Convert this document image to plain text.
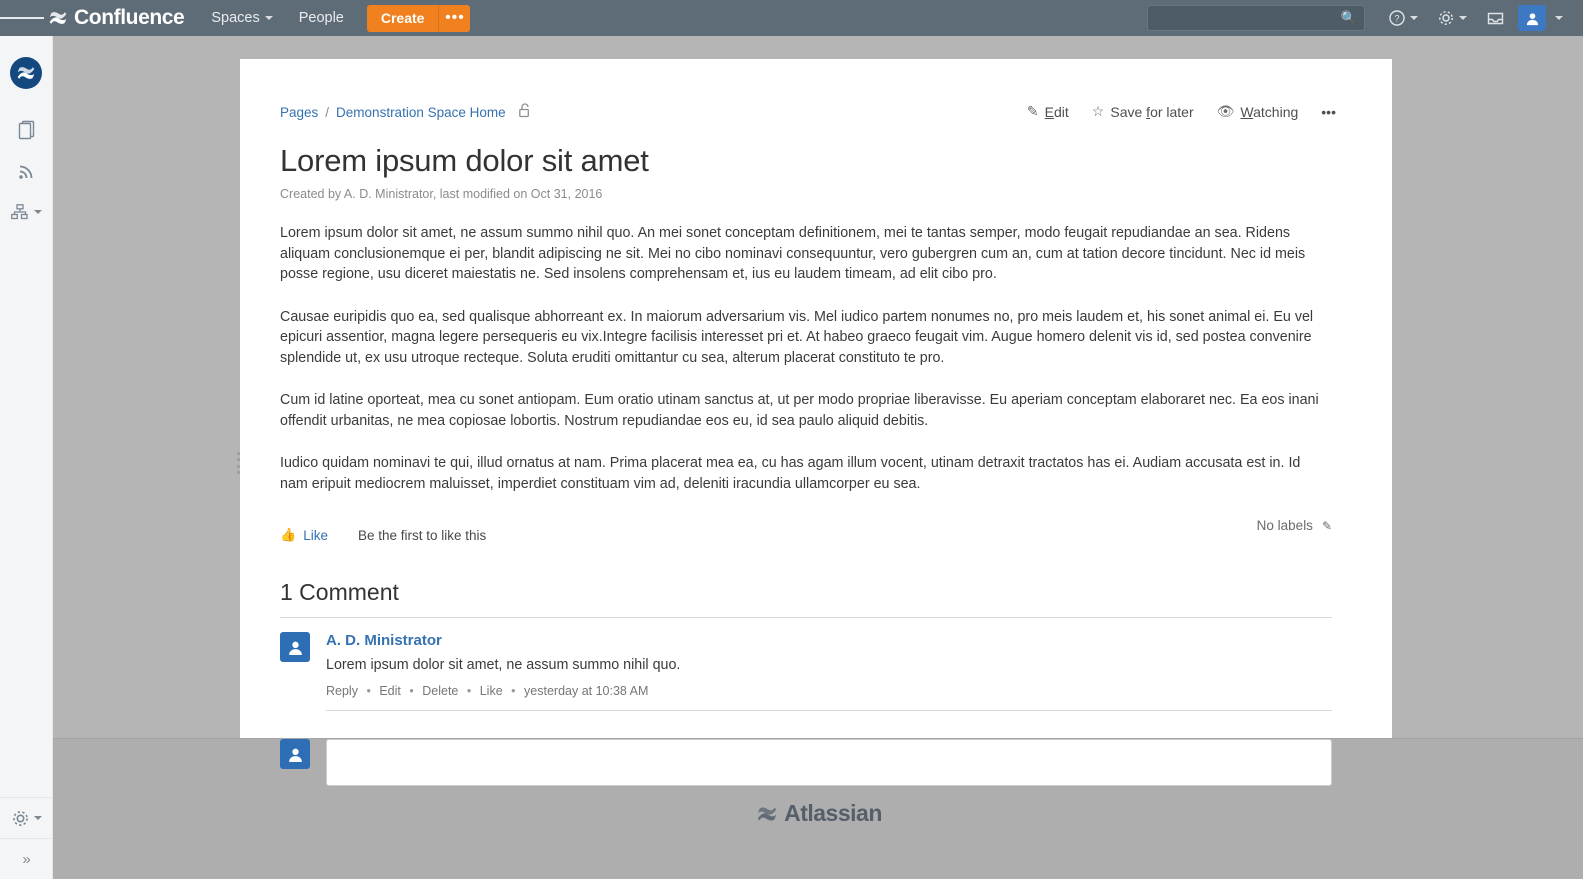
Confluence Spaces	People	Create	•••	🔍	?
»
Pages / Demonstration Space Home	✎ Edit ☆ Save for later 👁 Watching •••
Lorem ipsum dolor sit amet
Created by A. D. Ministrator, last modified on Oct 31, 2016

Lorem ipsum dolor sit amet, ne assum summo nihil quo. An mei sonet conceptam definitionem, mei te tantas semper, modo feugait repudiandae an sea. Ridens aliquam conclusionemque ei per, blandit adipiscing ne sit. Mei no cibo nominavi consequuntur, vero gubergren cum an, cum at tation decore tincidunt. Nec id meis posse regione, usu diceret maiestatis ne. Sed insolens comprehensam et, ius eu laudem timeam, ad elit cibo pro.

Causae euripidis quo ea, sed qualisque abhorreant ex. In maiorum adversarium vis. Mel iudico partem nonumes no, pro meis laudem et, his sonet animal ei. Eu vel epicuri assentior, magna legere persequeris eu vix.Integre facilisis interesset pri et. At habeo graeco feugait vim. Augue homero delenit vis id, sed postea convenire splendide ut, ex usu utroque recteque. Soluta eruditi omittantur cu sea, alterum placerat constituto te pro.

Cum id latine oporteat, mea cu sonet antiopam. Eum oratio utinam sanctus at, ut per modo propriae liberavisse. Eu aperiam conceptam elaboraret nec. Ea eos inani offendit urbanitas, ne mea copiosae lobortis. Nostrum repudiandae eos eu, id sea paulo aliquid debitis.

Iudico quidam nominavi te qui, illud ornatus at nam. Prima placerat mea ea, cu has agam illum vocent, utinam detraxit tractatos has ei. Audiam accusata est in. Id nam eripuit mediocrem maluisset, imperdiet constituam vim ad, deleniti iracundia ullamcorper eu sea.

👍 Like Be the first to like this
No labels ✎
1 Comment
A. D. Ministrator
Lorem ipsum dolor sit amet, ne assum summo nihil quo.
Reply • Edit • Delete • Like • yesterday at 10:38 AM
Atlassian
